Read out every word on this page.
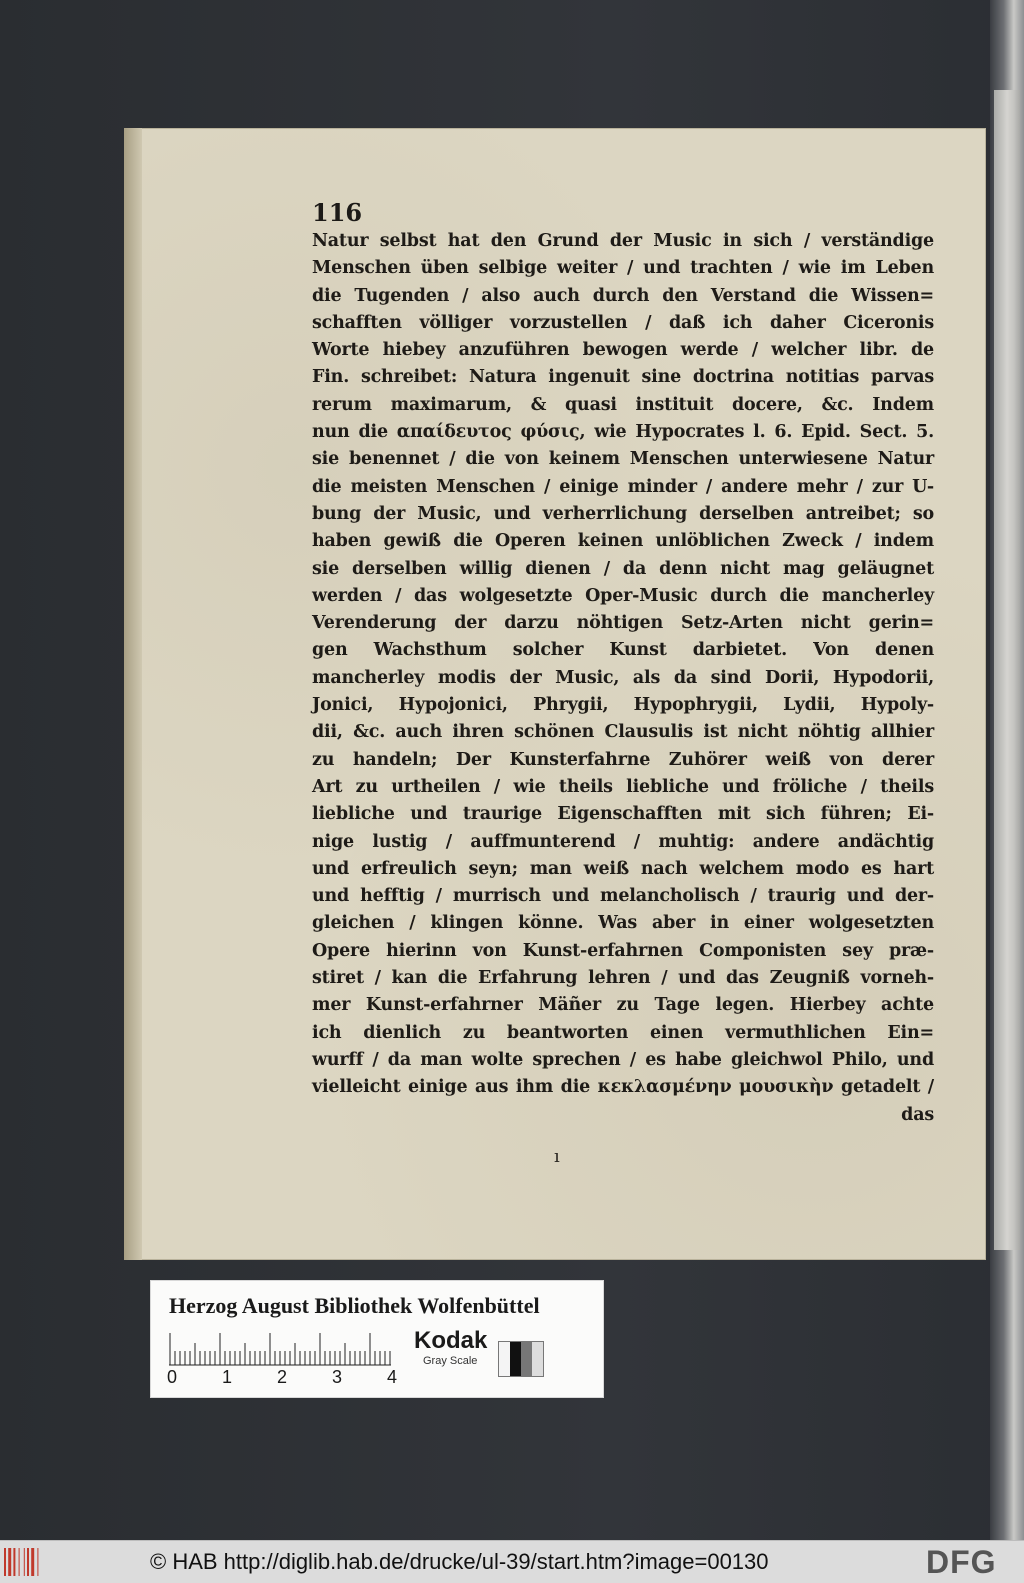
116
Natur selbst hat den Grund der Music in sich / verständige
Menschen üben selbige weiter / und trachten / wie im Leben
die Tugenden / also auch durch den Verstand die Wissen=
schafften völliger vorzustellen / daß ich daher Ciceronis
Worte hiebey anzuführen bewogen werde / welcher libr. de
Fin. schreibet: Natura ingenuit sine doctrina notitias parvas
rerum maximarum, & quasi instituit docere, &c. Indem
nun die απαίδευτος φύσις, wie Hypocrates l. 6. Epid. Sect. 5.
sie benennet / die von keinem Menschen unterwiesene Natur
die meisten Menschen / einige minder / andere mehr / zur U-
bung der Music, und verherrlichung derselben antreibet; so
haben gewiß die Operen keinen unlöblichen Zweck / indem
sie derselben willig dienen / da denn nicht mag geläugnet
werden / das wolgesetzte Oper-Music durch die mancherley
Verenderung der darzu nöhtigen Setz-Arten nicht gerin=
gen Wachsthum solcher Kunst darbietet. Von denen
mancherley modis der Music, als da sind Dorii, Hypodorii,
Jonici, Hypojonici, Phrygii, Hypophrygii, Lydii, Hypoly-
dii, &c. auch ihren schönen Clausulis ist nicht nöhtig allhier
zu handeln; Der Kunsterfahrne Zuhörer weiß von derer
Art zu urtheilen / wie theils liebliche und fröliche / theils
liebliche und traurige Eigenschafften mit sich führen; Ei-
nige lustig / auffmunterend / muhtig: andere andächtig
und erfreulich seyn; man weiß nach welchem modo es hart
und hefftig / murrisch und melancholisch / traurig und der-
gleichen / klingen könne. Was aber in einer wolgesetzten
Opere hierinn von Kunst-erfahrnen Componisten sey præ-
stiret / kan die Erfahrung lehren / und das Zeugniß vorneh-
mer Kunst-erfahrner Mäñer zu Tage legen. Hierbey achte
ich dienlich zu beantworten einen vermuthlichen Ein=
wurff / da man wolte sprechen / es habe gleichwol Philo, und
vielleicht einige aus ihm die κεκλασμένην μουσικὴν getadelt /
das
ı
Herzog August Bibliothek Wolfenbüttel
0 1 2 3 4
Kodak
Gray Scale
© HAB http://diglib.hab.de/drucke/ul-39/start.htm?image=00130	DFG
